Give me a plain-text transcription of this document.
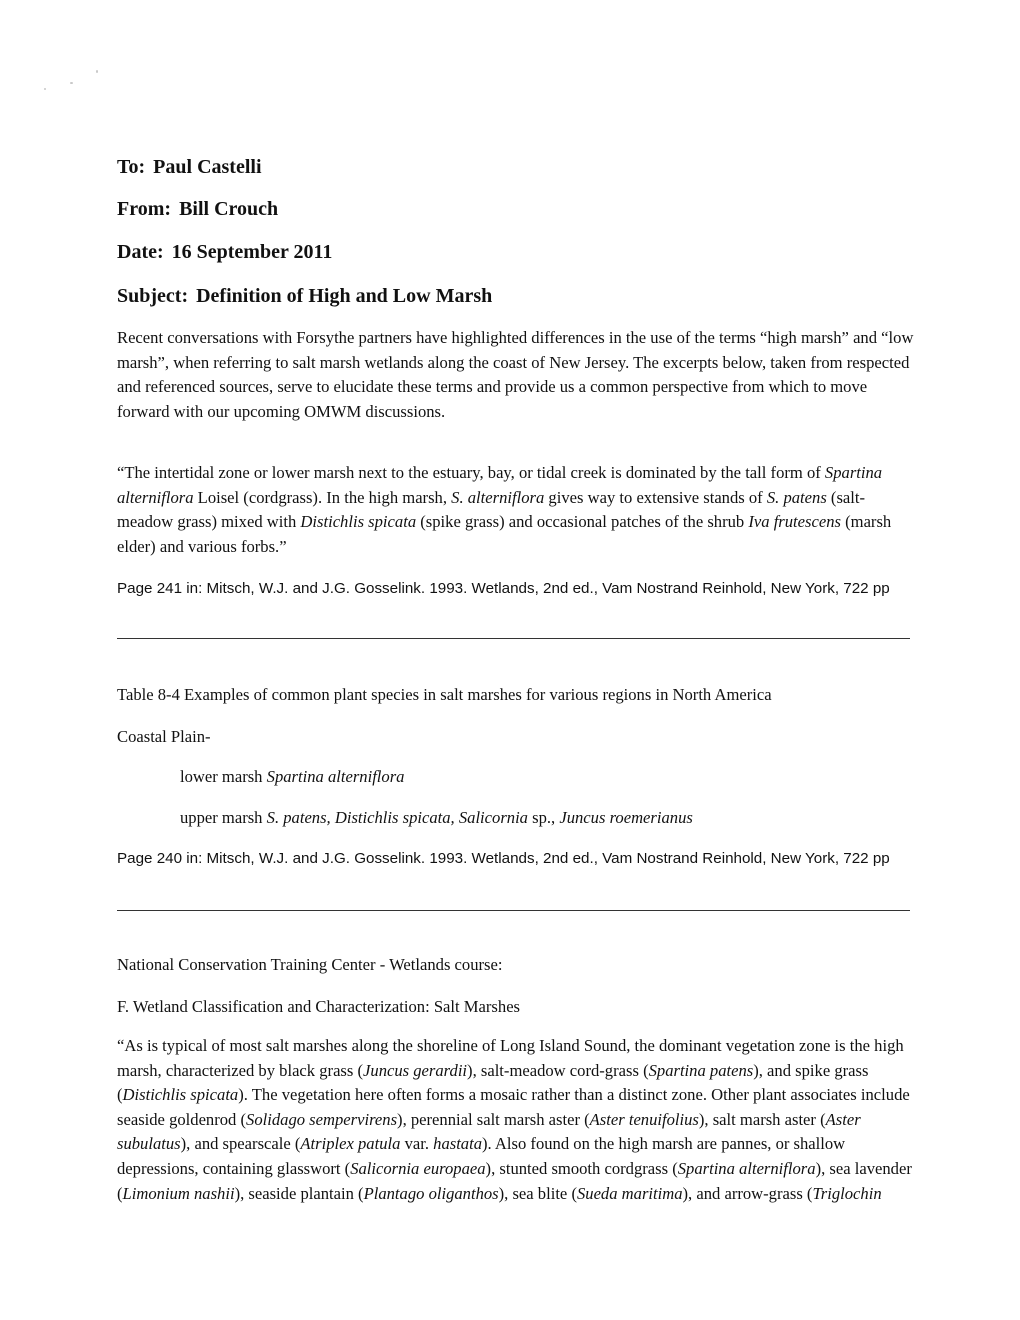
To: Paul Castelli
From: Bill Crouch
Date: 16 September 2011
Subject: Definition of High and Low Marsh

Recent conversations with Forsythe partners have highlighted differences in the use of the terms “high marsh” and “low marsh”, when referring to salt marsh wetlands along the coast of New Jersey. The excerpts below, taken from respected and referenced sources, serve to elucidate these terms and provide us a common perspective from which to move forward with our upcoming OMWM discussions.

“The intertidal zone or lower marsh next to the estuary, bay, or tidal creek is dominated by the tall form of Spartina alterniflora Loisel (cordgrass). In the high marsh, S. alterniflora gives way to extensive stands of S. patens (salt-meadow grass) mixed with Distichlis spicata (spike grass) and occasional patches of the shrub Iva frutescens (marsh elder) and various forbs.”

Page 241 in: Mitsch, W.J. and J.G. Gosselink. 1993. Wetlands, 2nd ed., Vam Nostrand Reinhold, New York, 722 pp

Table 8-4 Examples of common plant species in salt marshes for various regions in North America
Coastal Plain-
lower marsh Spartina alterniflora
upper marsh S. patens, Distichlis spicata, Salicornia sp., Juncus roemerianus

Page 240 in: Mitsch, W.J. and J.G. Gosselink. 1993. Wetlands, 2nd ed., Vam Nostrand Reinhold, New York, 722 pp

National Conservation Training Center - Wetlands course:
F. Wetland Classification and Characterization: Salt Marshes

“As is typical of most salt marshes along the shoreline of Long Island Sound, the dominant vegetation zone is the high marsh, characterized by black grass (Juncus gerardii), salt-meadow cord-grass (Spartina patens), and spike grass (Distichlis spicata). The vegetation here often forms a mosaic rather than a distinct zone. Other plant associates include seaside goldenrod (Solidago sempervirens), perennial salt marsh aster (Aster tenuifolius), salt marsh aster (Aster subulatus), and spearscale (Atriplex patula var. hastata). Also found on the high marsh are pannes, or shallow depressions, containing glasswort (Salicornia europaea), stunted smooth cordgrass (Spartina alterniflora), sea lavender (Limonium nashii), seaside plantain (Plantago oliganthos), sea blite (Sueda maritima), and arrow-grass (Triglochin
